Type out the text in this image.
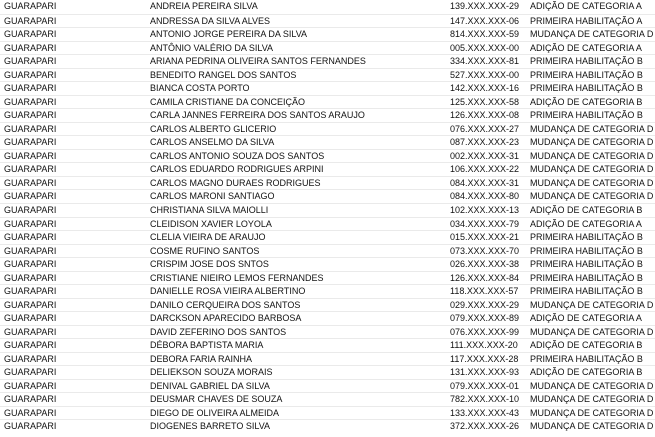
GUARAPARI	ANDREIA PEREIRA SILVA	139.XXX.XXX-29	ADIÇÃO DE CATEGORIA A
GUARAPARI	ANDRESSA DA SILVA ALVES	147.XXX.XXX-06	PRIMEIRA HABILITAÇÃO A
GUARAPARI	ANTONIO JORGE PEREIRA DA SILVA	814.XXX.XXX-59	MUDANÇA DE CATEGORIA D
GUARAPARI	ANTÔNIO VALÉRIO DA SILVA	005.XXX.XXX-00	ADIÇÃO DE CATEGORIA A
GUARAPARI	ARIANA PEDRINA OLIVEIRA SANTOS FERNANDES	334.XXX.XXX-81	PRIMEIRA HABILITAÇÃO B
GUARAPARI	BENEDITO RANGEL DOS SANTOS	527.XXX.XXX-00	PRIMEIRA HABILITAÇÃO B
GUARAPARI	BIANCA COSTA PORTO	142.XXX.XXX-16	PRIMEIRA HABILITAÇÃO B
GUARAPARI	CAMILA CRISTIANE DA CONCEIÇÃO	125.XXX.XXX-58	ADIÇÃO DE CATEGORIA B
GUARAPARI	CARLA JANNES FERREIRA DOS SANTOS ARAUJO	126.XXX.XXX-08	PRIMEIRA HABILITAÇÃO B
GUARAPARI	CARLOS ALBERTO GLICERIO	076.XXX.XXX-27	MUDANÇA DE CATEGORIA D
GUARAPARI	CARLOS ANSELMO DA SILVA	087.XXX.XXX-23	MUDANÇA DE CATEGORIA D
GUARAPARI	CARLOS ANTONIO SOUZA DOS SANTOS	002.XXX.XXX-31	MUDANÇA DE CATEGORIA D
GUARAPARI	CARLOS EDUARDO RODRIGUES ARPINI	106.XXX.XXX-22	MUDANÇA DE CATEGORIA D
GUARAPARI	CARLOS MAGNO DURAES RODRIGUES	084.XXX.XXX-31	MUDANÇA DE CATEGORIA D
GUARAPARI	CARLOS MARONI SANTIAGO	084.XXX.XXX-80	MUDANÇA DE CATEGORIA D
GUARAPARI	CHRISTIANA SILVA MAIOLLI	102.XXX.XXX-13	ADIÇÃO DE CATEGORIA B
GUARAPARI	CLEIDISON XAVIER LOYOLA	034.XXX.XXX-79	ADIÇÃO DE CATEGORIA A
GUARAPARI	CLELIA VIEIRA DE ARAUJO	015.XXX.XXX-21	PRIMEIRA HABILITAÇÃO B
GUARAPARI	COSME RUFINO SANTOS	073.XXX.XXX-70	PRIMEIRA HABILITAÇÃO B
GUARAPARI	CRISPIM JOSE DOS SNTOS	026.XXX.XXX-38	PRIMEIRA HABILITAÇÃO B
GUARAPARI	CRISTIANE NIEIRO LEMOS FERNANDES	126.XXX.XXX-84	PRIMEIRA HABILITAÇÃO B
GUARAPARI	DANIELLE ROSA VIEIRA ALBERTINO	118.XXX.XXX-57	PRIMEIRA HABILITAÇÃO B
GUARAPARI	DANILO CERQUEIRA DOS SANTOS	029.XXX.XXX-29	MUDANÇA DE CATEGORIA D
GUARAPARI	DARCKSON APARECIDO BARBOSA	079.XXX.XXX-89	ADIÇÃO DE CATEGORIA A
GUARAPARI	DAVID ZEFERINO DOS SANTOS	076.XXX.XXX-99	MUDANÇA DE CATEGORIA D
GUARAPARI	DÉBORA BAPTISTA MARIA	111.XXX.XXX-20	ADIÇÃO DE CATEGORIA B
GUARAPARI	DEBORA FARIA RAINHA	117.XXX.XXX-28	PRIMEIRA HABILITAÇÃO B
GUARAPARI	DELIEKSON SOUZA MORAIS	131.XXX.XXX-93	ADIÇÃO DE CATEGORIA B
GUARAPARI	DENIVAL GABRIEL DA SILVA	079.XXX.XXX-01	MUDANÇA DE CATEGORIA D
GUARAPARI	DEUSMAR CHAVES DE SOUZA	782.XXX.XXX-10	MUDANÇA DE CATEGORIA D
GUARAPARI	DIEGO DE OLIVEIRA ALMEIDA	133.XXX.XXX-43	MUDANÇA DE CATEGORIA D
GUARAPARI	DIOGENES BARRETO SILVA	372.XXX.XXX-26	MUDANÇA DE CATEGORIA D
